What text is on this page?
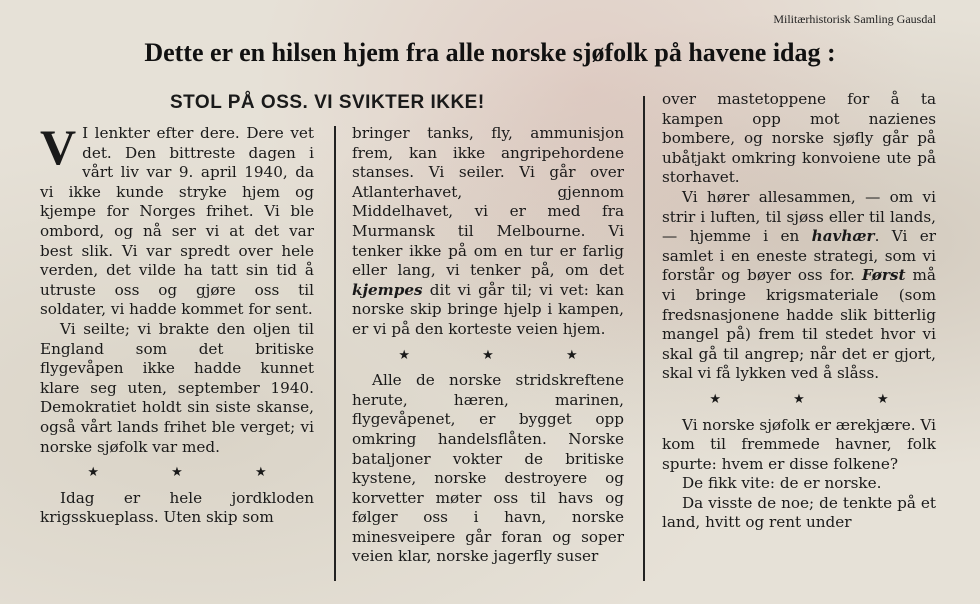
Militærhistorisk Samling Gausdal
Dette er en hilsen hjem fra alle norske sjøfolk på havene idag :
STOL PÅ OSS. VI SVIKTER IKKE!

V I lenkter efter dere. Dere vet det. Den bittreste dagen i vårt liv var 9. april 1940, da vi ikke kunde stryke hjem og kjempe for Norges frihet. Vi ble ombord, og nå ser vi at det var best slik. Vi var spredt over hele verden, det vilde ha tatt sin tid å utruste oss og gjøre oss til soldater, vi hadde kommet for sent.

Vi seilte; vi brakte den oljen til England som det britiske flygevåpen ikke hadde kunnet klare seg uten, september 1940. Demokratiet holdt sin siste skanse, også vårt lands frihet ble verget; vi norske sjøfolk var med.

★ ★ ★

Idag er hele jordkloden krigsskueplass. Uten skip som

bringer tanks, fly, ammunisjon frem, kan ikke angripehordene stanses. Vi seiler. Vi går over Atlanterhavet, gjennom Middelhavet, vi er med fra Murmansk til Melbourne. Vi tenker ikke på om en tur er farlig eller lang, vi tenker på, om det kjempes dit vi går til; vi vet: kan norske skip bringe hjelp i kampen, er vi på den korteste veien hjem.

★ ★ ★

Alle de norske stridskreftene herute, hæren, marinen, flygevåpenet, er bygget opp omkring handelsflåten. Norske bataljoner vokter de britiske kystene, norske destroyere og korvetter møter oss til havs og følger oss i havn, norske minesveipere går foran og soper veien klar, norske jagerfly suser

over mastetoppene for å ta kampen opp mot nazienes bombere, og norske sjøfly går på ubåtjakt omkring konvoiene ute på storhavet.

Vi hører allesammen, — om vi strir i luften, til sjøss eller til lands, — hjemme i en havhær. Vi er samlet i en eneste strategi, som vi forstår og bøyer oss for. Først må vi bringe krigsmateriale (som fredsnasjonene hadde slik bitterlig mangel på) frem til stedet hvor vi skal gå til angrep; når det er gjort, skal vi få lykken ved å slåss.

★ ★ ★

Vi norske sjøfolk er ærekjære. Vi kom til fremmede havner, folk spurte: hvem er disse folkene?

De fikk vite: de er norske.

Da visste de noe; de tenkte på et land, hvitt og rent under
